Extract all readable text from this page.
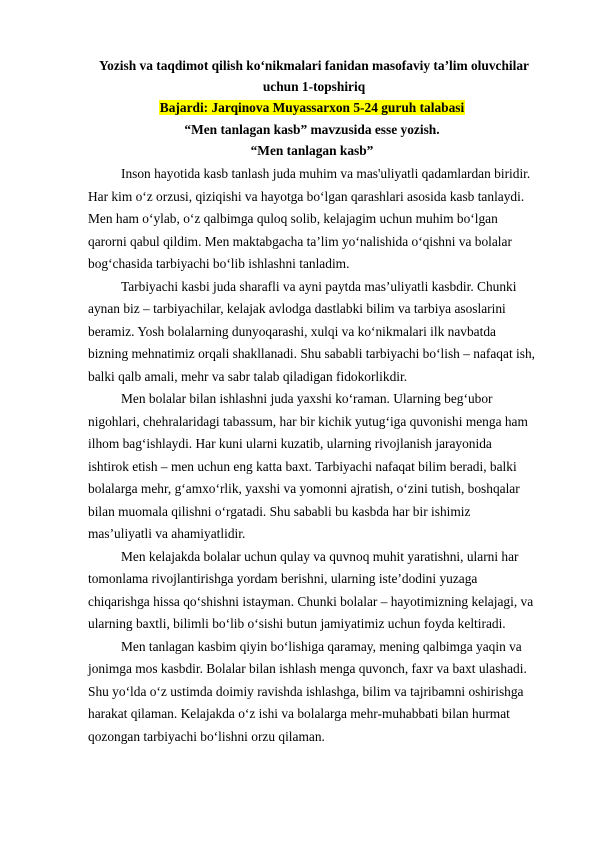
Yozish va taqdimot qilish ko‘nikmalari fanidan masofaviy ta’lim oluvchilar
uchun 1-topshiriq

Bajardi: Jarqinova Muyassarxon 5-24 guruh talabasi

“Men tanlagan kasb” mavzusida esse yozish.

“Men tanlagan kasb”

Inson hayotida kasb tanlash juda muhim va mas'uliyatli qadamlardan biridir. Har kim o‘z orzusi, qiziqishi va hayotga bo‘lgan qarashlari asosida kasb tanlaydi. Men ham o‘ylab, o‘z qalbimga quloq solib, kelajagim uchun muhim bo‘lgan qarorni qabul qildim. Men maktabgacha ta’lim yo‘nalishida o‘qishni va bolalar bog‘chasida tarbiyachi bo‘lib ishlashni tanladim.

Tarbiyachi kasbi juda sharafli va ayni paytda mas’uliyatli kasbdir. Chunki aynan biz – tarbiyachilar, kelajak avlodga dastlabki bilim va tarbiya asoslarini beramiz. Yosh bolalarning dunyoqarashi, xulqi va ko‘nikmalari ilk navbatda bizning mehnatimiz orqali shakllanadi. Shu sababli tarbiyachi bo‘lish – nafaqat ish, balki qalb amali, mehr va sabr talab qiladigan fidokorlikdir.

Men bolalar bilan ishlashni juda yaxshi ko‘raman. Ularning beg‘ubor nigohlari, chehralaridagi tabassum, har bir kichik yutug‘iga quvonishi menga ham ilhom bag‘ishlaydi. Har kuni ularni kuzatib, ularning rivojlanish jarayonida ishtirok etish – men uchun eng katta baxt. Tarbiyachi nafaqat bilim beradi, balki bolalarga mehr, g‘amxo‘rlik, yaxshi va yomonni ajratish, o‘zini tutish, boshqalar bilan muomala qilishni o‘rgatadi. Shu sababli bu kasbda har bir ishimiz mas’uliyatli va ahamiyatlidir.

Men kelajakda bolalar uchun qulay va quvnoq muhit yaratishni, ularni har tomonlama rivojlantirishga yordam berishni, ularning iste’dodini yuzaga chiqarishga hissa qo‘shishni istayman. Chunki bolalar – hayotimizning kelajagi, va ularning baxtli, bilimli bo‘lib o‘sishi butun jamiyatimiz uchun foyda keltiradi.

Men tanlagan kasbim qiyin bo‘lishiga qaramay, mening qalbimga yaqin va jonimga mos kasbdir. Bolalar bilan ishlash menga quvonch, faxr va baxt ulashadi. Shu yo‘lda o‘z ustimda doimiy ravishda ishlashga, bilim va tajribamni oshirishga harakat qilaman. Kelajakda o‘z ishi va bolalarga mehr-muhabbati bilan hurmat qozongan tarbiyachi bo‘lishni orzu qilaman.
